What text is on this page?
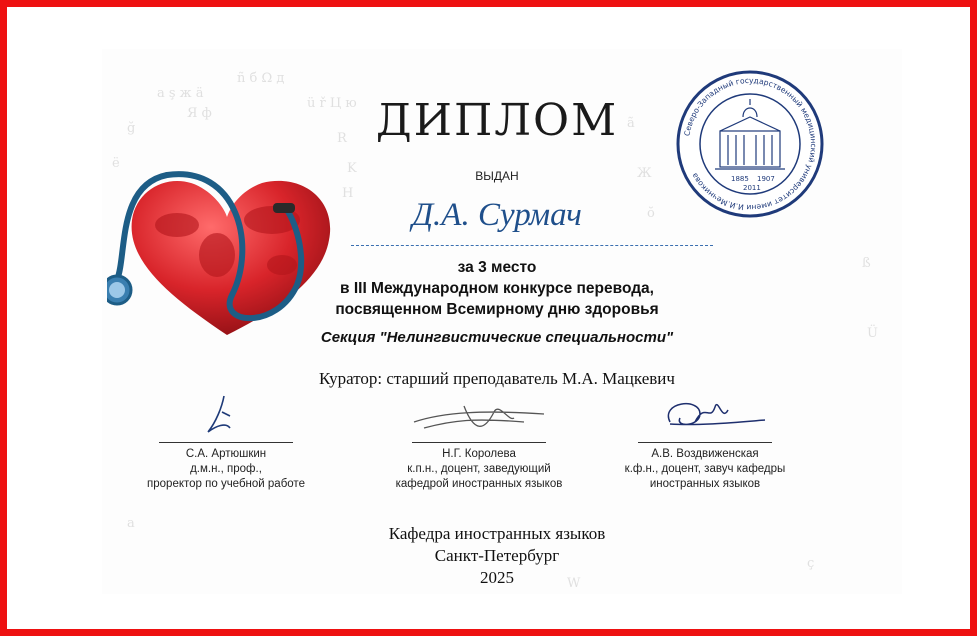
a ş ж ä
ñ б Ω д
ü ř Ц ю
R
K
H
ğ
ë
Я ф
ã
Ж
ŏ
ß
Ü
a
W
ç
Северо-Западный государственный медицинский университет имени И.И.Мечникова	1885 1907
2011
ДИПЛОМ
ВЫДАН
Д.А. Сурмач
за 3 место
в III Международном конкурсе перевода,
посвященном Всемирному дню здоровья
Секция "Нелингвистические специальности"
Куратор: старший преподаватель М.А. Мацкевич
С.А. Артюшкин
д.м.н., проф.,
проректор по учебной работе
Н.Г. Королева
к.п.н., доцент, заведующий
кафедрой иностранных языков
А.В. Воздвиженская
к.ф.н., доцент, завуч кафедры
иностранных языков
Кафедра иностранных языков
Санкт-Петербург
2025
